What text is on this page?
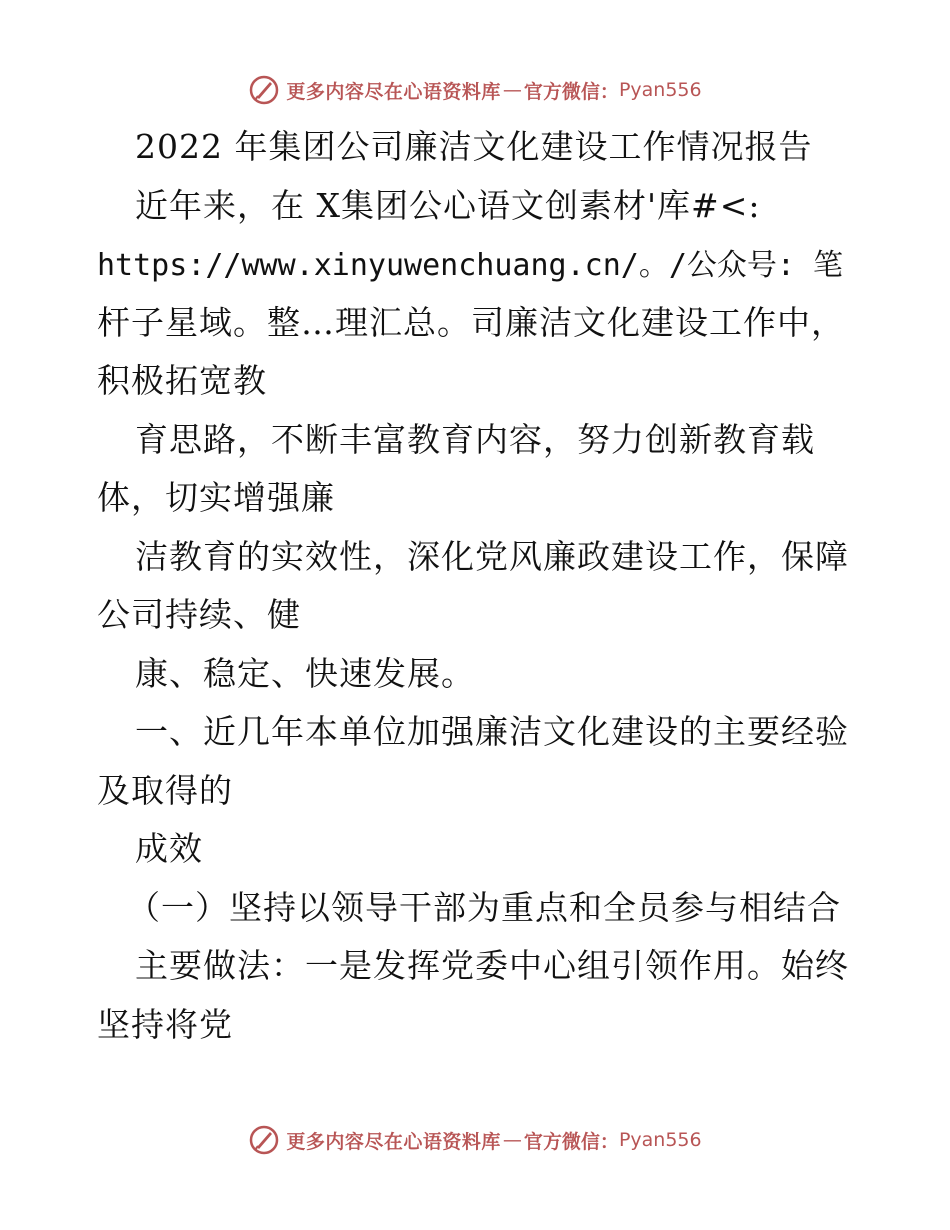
更多内容尽在心语资料库 — 官方微信： Pyan556
2022 年集团公司廉洁文化建设工作情况报告
近年来，在 X集团公心语文创素材'库#<:
https://www.xinyuwenchuang.cn/。/公众号: 笔
杆子星域。整…理汇总。司廉洁文化建设工作中，
积极拓宽教
育思路，不断丰富教育内容，努力创新教育载
体，切实增强廉
洁教育的实效性，深化党风廉政建设工作，保障
公司持续、健
康、稳定、快速发展。
一、近几年本单位加强廉洁文化建设的主要经验
及取得的
成效
（一）坚持以领导干部为重点和全员参与相结合
主要做法：一是发挥党委中心组引领作用。始终
坚持将党
更多内容尽在心语资料库 — 官方微信： Pyan556
